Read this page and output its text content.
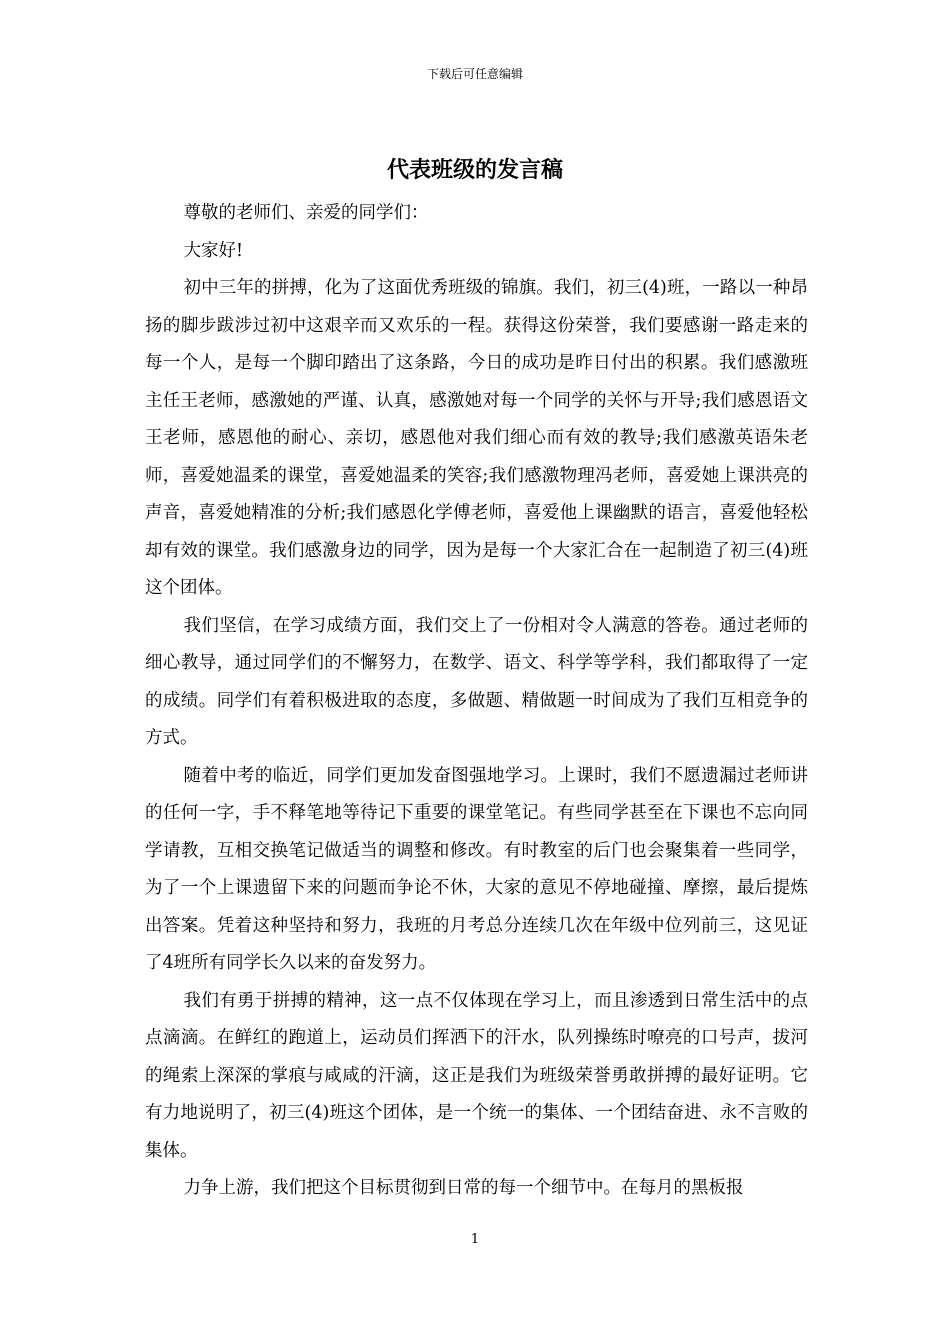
下载后可任意编辑
代表班级的发言稿

尊敬的老师们、亲爱的同学们：

大家好!

初中三年的拼搏，化为了这面优秀班级的锦旗。我们，初三(4)班，一路以一种昂扬的脚步跋涉过初中这艰辛而又欢乐的一程。获得这份荣誉，我们要感谢一路走来的每一个人，是每一个脚印踏出了这条路，今日的成功是昨日付出的积累。我们感激班主任王老师，感激她的严谨、认真，感激她对每一个同学的关怀与开导;我们感恩语文王老师，感恩他的耐心、亲切，感恩他对我们细心而有效的教导;我们感激英语朱老师，喜爱她温柔的课堂，喜爱她温柔的笑容;我们感激物理冯老师，喜爱她上课洪亮的声音，喜爱她精准的分析;我们感恩化学傅老师，喜爱他上课幽默的语言，喜爱他轻松却有效的课堂。我们感激身边的同学，因为是每一个大家汇合在一起制造了初三(4)班这个团体。

我们坚信，在学习成绩方面，我们交上了一份相对令人满意的答卷。通过老师的细心教导，通过同学们的不懈努力，在数学、语文、科学等学科，我们都取得了一定的成绩。同学们有着积极进取的态度，多做题、精做题一时间成为了我们互相竞争的方式。

随着中考的临近，同学们更加发奋图强地学习。上课时，我们不愿遗漏过老师讲的任何一字，手不释笔地等待记下重要的课堂笔记。有些同学甚至在下课也不忘向同学请教，互相交换笔记做适当的调整和修改。有时教室的后门也会聚集着一些同学，为了一个上课遗留下来的问题而争论不休，大家的意见不停地碰撞、摩擦，最后提炼出答案。凭着这种坚持和努力，我班的月考总分连续几次在年级中位列前三，这见证了4班所有同学长久以来的奋发努力。

我们有勇于拼搏的精神，这一点不仅体现在学习上，而且渗透到日常生活中的点点滴滴。在鲜红的跑道上，运动员们挥洒下的汗水，队列操练时嘹亮的口号声，拔河的绳索上深深的掌痕与咸咸的汗滴，这正是我们为班级荣誉勇敢拼搏的最好证明。它有力地说明了，初三(4)班这个团体，是一个统一的集体、一个团结奋进、永不言败的集体。

力争上游，我们把这个目标贯彻到日常的每一个细节中。在每月的黑板报

1
